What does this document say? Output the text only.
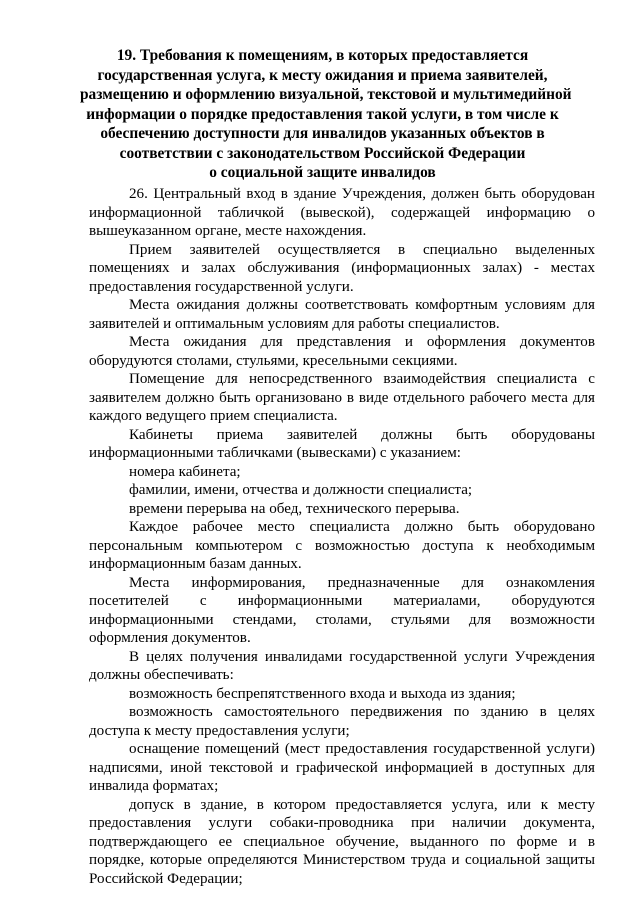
19. Требования к помещениям, в которых предоставляется
государственная услуга, к месту ожидания и приема заявителей,
размещению и оформлению визуальной, текстовой и мультимедийной
информации о порядке предоставления такой услуги, в том числе к
обеспечению доступности для инвалидов указанных объектов в
соответствии с законодательством Российской Федерации
о социальной защите инвалидов

26. Центральный вход в здание Учреждения, должен быть оборудован информационной табличкой (вывеской), содержащей информацию о вышеуказанном органе, месте нахождения.

Прием заявителей осуществляется в специально выделенных помещениях и залах обслуживания (информационных залах) - местах предоставления государственной услуги.

Места ожидания должны соответствовать комфортным условиям для заявителей и оптимальным условиям для работы специалистов.

Места ожидания для представления и оформления документов оборудуются столами, стульями, кресельными секциями.

Помещение для непосредственного взаимодействия специалиста с заявителем должно быть организовано в виде отдельного рабочего места для каждого ведущего прием специалиста.

Кабинеты приема заявителей должны быть оборудованы информационными табличками (вывесками) с указанием:

номера кабинета;

фамилии, имени, отчества и должности специалиста;

времени перерыва на обед, технического перерыва.

Каждое рабочее место специалиста должно быть оборудовано персональным компьютером с возможностью доступа к необходимым информационным базам данных.

Места информирования, предназначенные для ознакомления посетителей с информационными материалами, оборудуются информационными стендами, столами, стульями для возможности оформления документов.

В целях получения инвалидами государственной услуги Учреждения должны обеспечивать:

возможность беспрепятственного входа и выхода из здания;

возможность самостоятельного передвижения по зданию в целях доступа к месту предоставления услуги;

оснащение помещений (мест предоставления государственной услуги) надписями, иной текстовой и графической информацией в доступных для инвалида форматах;

допуск в здание, в котором предоставляется услуга, или к месту предоставления услуги собаки-проводника при наличии документа, подтверждающего ее специальное обучение, выданного по форме и в порядке, которые определяются Министерством труда и социальной защиты Российской Федерации;
